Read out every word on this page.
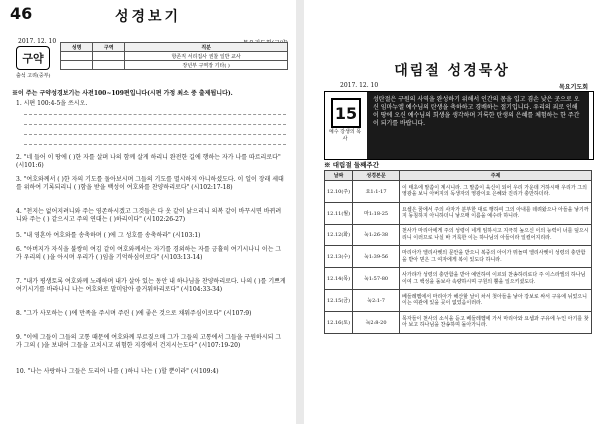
46	성경보기
2017. 12. 10
구약
성명	구역	직분
		항존직 서리집사 권찰 일반 교사
		장년부 구역장 기타( )
출석 고려(중부)
※이 주는 구약성경보기는 사전100~109편입니다(시편 가정 최소 중 출제됩니다).
1. 시편 100:4-5을 쓰시오.
2. "네 들어 이 땅에 ( )한 자를 살펴 나의 함께 살게 하리니 완전한 길에 행하는 자가 나를 따르리로다" (시101:6)
3. "여호와께서 ( )한 자의 기도를 돌아보시며 그들의 기도를 멸시하지 아니하셨도다. 이 일이 장래 세대를 위하여 기록되리니 ( )함을 받을 백성이 여호와를 찬양하리로다" (시102:17-18)
4. "천지는 없어지려니와 주는 영존하시겠고 그것들은 다 옷 같이 낡으리니 의복 같이 바꾸시면 바뀌려니와 주는 ( ) 같으시고 주의 연대는 ( )하리이다" (시102:26-27)
5. "내 영혼아 여호와를 송축하며 ( )에 그 성호를 송축하라" (시103:1)
6. "아버지가 자식을 불쌍히 여김 같이 여호와께서는 자기를 경외하는 자를 긍휼히 여기시나니 이는 그가 우리의 ( )을 아시며 우리가 ( )임을 기억하심이로다" (시103:13-14)
7. "내가 평생토록 여호와께 노래하며 내가 살아 있는 동안 내 하나님을 찬양하리로다. 나의 ( )를 기쁘게 여기시기를 바라나니 나는 여호와로 말미암아 즐거워하리로다" (시104:33-34)
8. "그가 사모하는 ( )에 만족을 주시며 주린 ( )에 좋은 것으로 채워주심이로다" (시107:9)
9. "이에 그들이 그들의 고통 때문에 여호와께 부르짖으매 그가 그들의 고통에서 그들을 구원하시되 그가 그의 ( )을 보내어 그들을 고치시고 위험한 지경에서 건지시는도다" (시107:19-20)
10. "나는 사랑하나 그들은 도리어 나를 ( )하니 나는 ( )할 뿐이라" (시109:4)
대림절 성경묵상
2017. 12. 10	목요기도회
15
예수 강생의 목사
성탄절은 구원의 사역을 완성하기 위해서 인간의 몸을 입고 겸손 낮은 곳으로 오신 임마누엘 예수님의 탄생을 축하하고 경배하는 절기입니다. 우리의 죄로 인해 이 땅에 오신 예수님의 희생을 생각하며 거룩한 탄생의 은혜를 체험하는 한 주간이 되기를 바랍니다.
※ 대림절 둘째주간
날짜	성경본문	주제
12.10(주)	요1:1-17	이 태초에 말씀이 계시니라. 그 말씀이 육신이 되어 우리 가운데 거하시매 우리가 그의 영광을 보니 아버지의 독생자의 영광이요 은혜와 진리가 충만하더라.
12.11(월)	마1:18-25	요셉은 꿈에서 주의 사자가 분부한 대로 행하여 그의 아내를 데려왔으나 아들을 낳기까지 동침하지 아니하더니 낳으매 이름을 예수라 하니라.
12.12(화)	눅1:26-38	천사가 마리아에게 주의 성령이 네게 임하시고 지극히 높으신 이의 능력이 너를 덮으시리니 이러므로 나실 바 거룩한 이는 하나님의 아들이라 일컬어지리라.
12.13(수)	눅1:39-56	마리아가 엘리사벳의 문안을 받으니 복중의 아이가 뛰놀며 엘리사벳이 성령의 충만함을 받아 믿은 그 여자에게 복이 있도다 하니라.
12.14(목)	눅1:57-80	사가랴가 성령의 충만함을 받아 예언하여 이르되 찬송하리로다 주 이스라엘의 하나님이여 그 백성을 돌보사 속량하시며 구원의 뿔을 일으키셨도다.
12.15(금)	눅2:1-7	베들레헴에서 마리아가 해산할 날이 차서 첫아들을 낳아 강보로 싸서 구유에 뉘었으니 이는 여관에 있을 곳이 없었음이러라.
12.16(토)	눅2:8-20	목자들이 천사의 소식을 듣고 베들레헴에 가서 마리아와 요셉과 구유에 누인 아기를 찾아 보고 하나님을 찬송하며 돌아가니라.
